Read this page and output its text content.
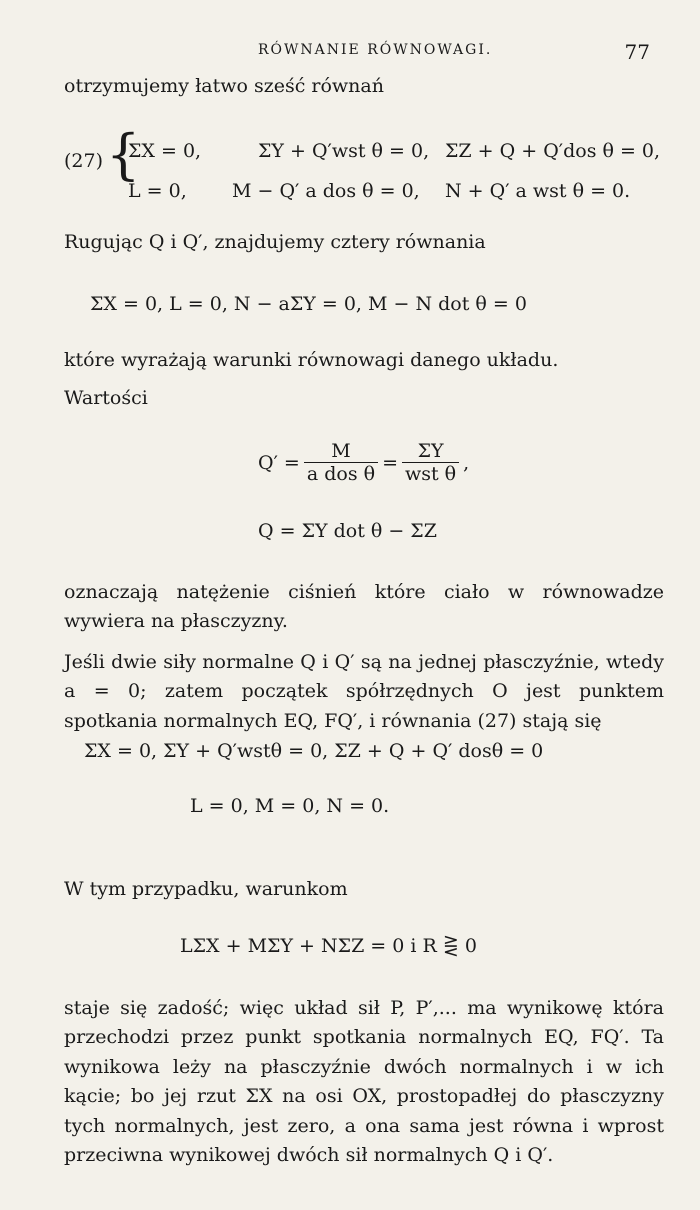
RÓWNANIE RÓWNOWAGI.	77
otrzymujemy łatwo sześć równań
(27) {
ΣX = 0,	ΣY + Q′wst θ = 0, ΣZ + Q + Q′dos θ = 0,
L = 0, M − Q′ a dos θ = 0, N + Q′ a wst θ = 0.
Rugując Q i Q′, znajdujemy cztery równania
ΣX = 0, L = 0, N − aΣY = 0, M − N dot θ = 0
które wyrażają warunki równowagi danego układu.
Wartości
$Q' = \frac{M}{\text{a dos θ}} = \frac{\Sigma Y}{\text{wst θ}}$ ,
Q = ΣY dot θ − ΣZ
oznaczają natężenie ciśnień które ciało w równowadze wywiera na płasczyzny.
Jeśli dwie siły normalne Q i Q′ są na jednej płasczyźnie, wtedy a = 0; zatem początek spółrzędnych O jest punktem spotkania normalnych EQ, FQ′, i równania (27) stają się
ΣX = 0, ΣY + Q′wstθ = 0, ΣZ + Q + Q′ dosθ = 0
L = 0, M = 0, N = 0.
W tym przypadku, warunkom
LΣX + MΣY + NΣZ = 0 i R ⋛ 0
staje się zadość; więc układ sił P, P′,... ma wynikowę która przechodzi przez punkt spotkania normalnych EQ, FQ′. Ta wynikowa leży na płasczyźnie dwóch normalnych i w ich kącie; bo jej rzut ΣX na osi OX, prostopadłej do płasczyzny tych normalnych, jest zero, a ona sama jest równa i wprost przeciwna wynikowej dwóch sił normalnych Q i Q′.
